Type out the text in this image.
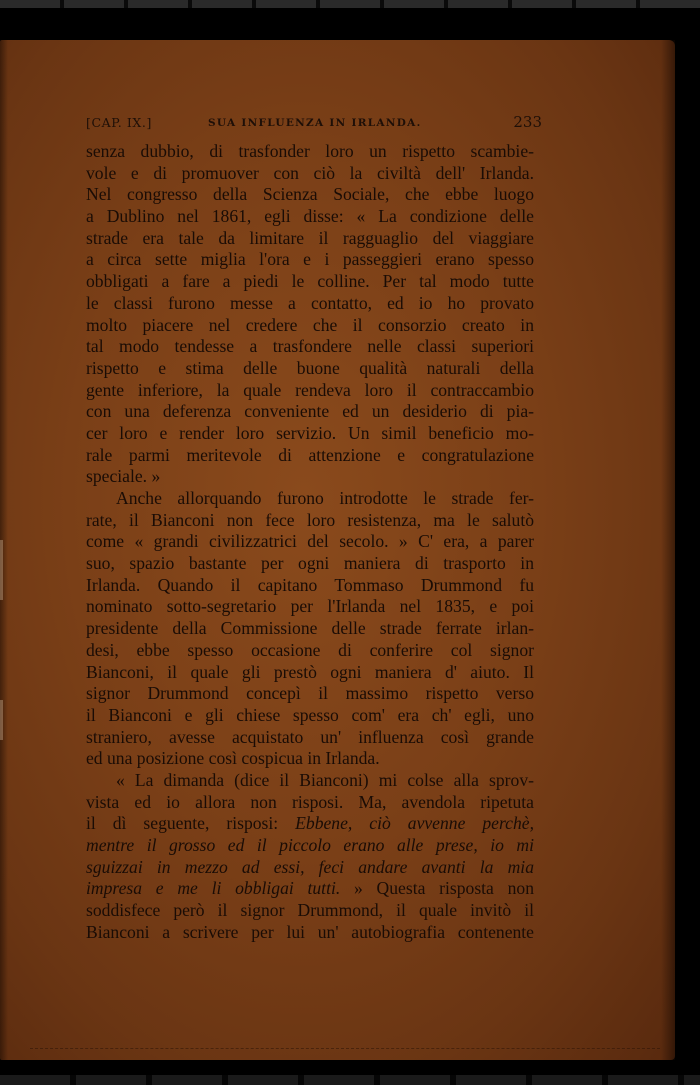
[CAP. IX.]	SUA INFLUENZA IN IRLANDA.	233
senza dubbio, di trasfonder loro un rispetto scambie-
vole e di promuover con ciò la civiltà dell' Irlanda.
Nel congresso della Scienza Sociale, che ebbe luogo
a Dublino nel 1861, egli disse: « La condizione delle
strade era tale da limitare il ragguaglio del viaggiare
a circa sette miglia l'ora e i passeggieri erano spesso
obbligati a fare a piedi le colline. Per tal modo tutte
le classi furono messe a contatto, ed io ho provato
molto piacere nel credere che il consorzio creato in
tal modo tendesse a trasfondere nelle classi superiori
rispetto e stima delle buone qualità naturali della
gente inferiore, la quale rendeva loro il contraccambio
con una deferenza conveniente ed un desiderio di pia-
cer loro e render loro servizio. Un simil beneficio mo-
rale parmi meritevole di attenzione e congratulazione
speciale. »
Anche allorquando furono introdotte le strade fer-
rate, il Bianconi non fece loro resistenza, ma le salutò
come « grandi civilizzatrici del secolo. » C' era, a parer
suo, spazio bastante per ogni maniera di trasporto in
Irlanda. Quando il capitano Tommaso Drummond fu
nominato sotto-segretario per l'Irlanda nel 1835, e poi
presidente della Commissione delle strade ferrate irlan-
desi, ebbe spesso occasione di conferire col signor
Bianconi, il quale gli prestò ogni maniera d' aiuto. Il
signor Drummond concepì il massimo rispetto verso
il Bianconi e gli chiese spesso com' era ch' egli, uno
straniero, avesse acquistato un' influenza così grande
ed una posizione così cospicua in Irlanda.
« La dimanda (dice il Bianconi) mi colse alla sprov-
vista ed io allora non risposi. Ma, avendola ripetuta
il dì seguente, risposi: Ebbene, ciò avvenne perchè,
mentre il grosso ed il piccolo erano alle prese, io mi
sguizzai in mezzo ad essi, feci andare avanti la mia
impresa e me li obbligai tutti. » Questa risposta non
soddisfece però il signor Drummond, il quale invitò il
Bianconi a scrivere per lui un' autobiografia contenente
